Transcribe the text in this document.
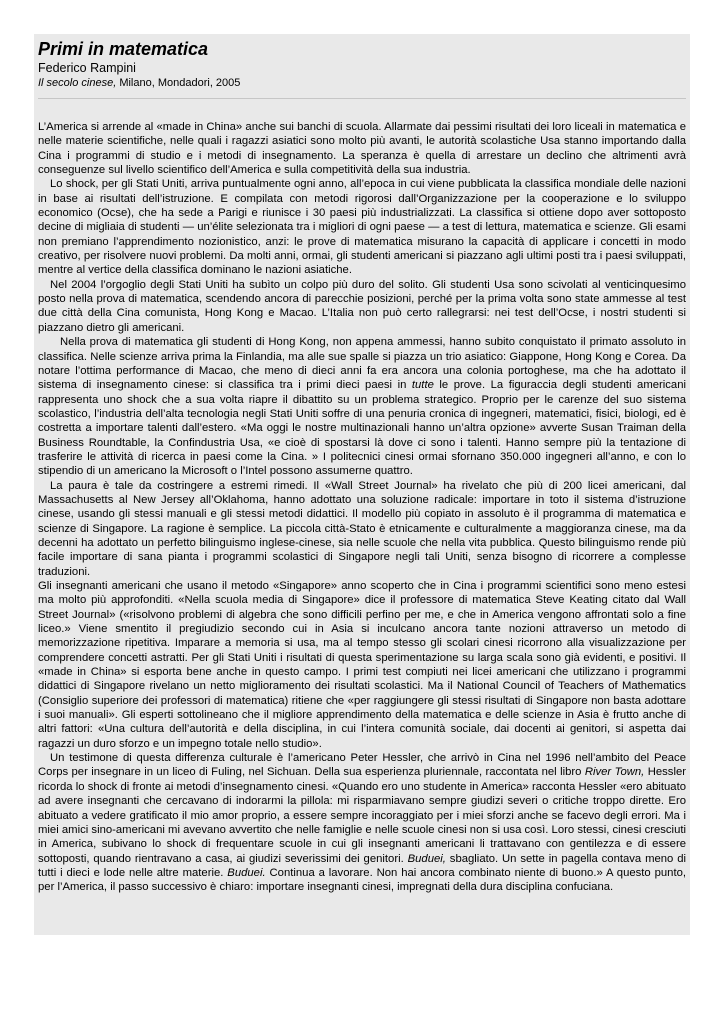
Primi in matematica
Federico Rampini
Il secolo cinese, Milano, Mondadori, 2005

L’America si arrende al «made in China» anche sui banchi di scuola. Allarmate dai pessimi risultati dei loro liceali in matematica e nelle materie scientifiche, nelle quali i ragazzi asiatici sono molto più avanti, le autorità scolastiche Usa stanno importando dalla Cina i programmi di studio e i metodi di insegnamento. La speranza è quella di arrestare un declino che altrimenti avrà conseguenze sul livello scientifico dell’America e sulla competitività della sua industria.

Lo shock, per gli Stati Uniti, arriva puntualmente ogni anno, all’epoca in cui viene pubblicata la classifica mondiale delle nazioni in base ai risultati dell’istruzione. E compilata con metodi rigorosi dall’Organizzazione per la cooperazione e lo sviluppo economico (Ocse), che ha sede a Parigi e riunisce i 30 paesi più industrializzati. La classifica si ottiene dopo aver sottoposto decine di migliaia di studenti — un’élite selezionata tra i migliori di ogni paese — a test di lettura, matematica e scienze. Gli esami non premiano l’apprendimento nozionistico, anzi: le prove di matematica misurano la capacità di applicare i concetti in modo creativo, per risolvere nuovi problemi. Da molti anni, ormai, gli studenti americani si piazzano agli ultimi posti tra i paesi sviluppati, mentre al vertice della classifica dominano le nazioni asiatiche.

Nel 2004 l’orgoglio degli Stati Uniti ha subìto un colpo più duro del solito. Gli studenti Usa sono scivolati al venticinquesimo posto nella prova di matematica, scendendo ancora di parecchie posizioni, perché per la prima volta sono state ammesse al test due città della Cina comunista, Hong Kong e Macao. L’Italia non può certo rallegrarsi: nei test dell’Ocse, i nostri studenti si piazzano dietro gli americani.

Nella prova di matematica gli studenti di Hong Kong, non appena ammessi, hanno subito conquistato il primato assoluto in classifica. Nelle scienze arriva prima la Finlandia, ma alle sue spalle si piazza un trio asiatico: Giappone, Hong Kong e Corea. Da notare l’ottima performance di Macao, che meno di dieci anni fa era ancora una colonia portoghese, ma che ha adottato il sistema di insegnamento cinese: si classifica tra i primi dieci paesi in tutte le prove. La figuraccia degli studenti americani rappresenta uno shock che a sua volta riapre il dibattito su un problema strategico. Proprio per le carenze del suo sistema scolastico, l’industria dell’alta tecnologia negli Stati Uniti soffre di una penuria cronica di ingegneri, matematici, fisici, biologi, ed è costretta a importare talenti dall’estero. «Ma oggi le nostre multinazionali hanno un’altra opzione» avverte Susan Traiman della Business Roundtable, la Confindustria Usa, «e cioè di spostarsi là dove ci sono i talenti. Hanno sempre più la tentazione di trasferire le attività di ricerca in paesi come la Cina. » I politecnici cinesi ormai sfornano 350.000 ingegneri all’anno, e con lo stipendio di un americano la Microsoft o l’Intel possono assumerne quattro.

La paura è tale da costringere a estremi rimedi. Il «Wall Street Journal» ha rivelato che più di 200 licei americani, dal Massachusetts al New Jersey all’Oklahoma, hanno adottato una soluzione radicale: importare in toto il sistema d’istruzione cinese, usando gli stessi manuali e gli stessi metodi didattici. Il modello più copiato in assoluto è il programma di matematica e scienze di Singapore. La ragione è semplice. La piccola città-Stato è etnicamente e culturalmente a maggioranza cinese, ma da decenni ha adottato un perfetto bilinguismo inglese-cinese, sia nelle scuole che nella vita pubblica. Questo bilinguismo rende più facile importare di sana pianta i programmi scolastici di Singapore negli tali Uniti, senza bisogno di ricorrere a complesse traduzioni.

Gli insegnanti americani che usano il metodo «Singapore» anno scoperto che in Cina i programmi scientifici sono meno estesi ma molto più approfonditi. «Nella scuola media di Singapore» dice il professore di matematica Steve Keating citato dal Wall Street Journal» («risolvono problemi di algebra che sono difficili perfino per me, e che in America vengono affrontati solo a fine liceo.» Viene smentito il pregiudizio secondo cui in Asia si inculcano ancora tante nozioni attraverso un metodo di memorizzazione ripetitiva. Imparare a memoria si usa, ma al tempo stesso gli scolari cinesi ricorrono alla visualizzazione per comprendere concetti astratti. Per gli Stati Uniti i risultati di questa sperimentazione su larga scala sono già evidenti, e positivi. Il «made in China» si esporta bene anche in questo campo. I primi test compiuti nei licei americani che utilizzano i programmi didattici di Singapore rivelano un netto miglioramento dei risultati scolastici. Ma il National Council of Teachers of Mathematics (Consiglio superiore dei professori di matematica) ritiene che «per raggiungere gli stessi risultati di Singapore non basta adottare i suoi manuali». Gli esperti sottolineano che il migliore apprendimento della matematica e delle scienze in Asia è frutto anche di altri fattori: «Una cultura dell’autorità e della disciplina, in cui l’intera comunità sociale, dai docenti ai genitori, si aspetta dai ragazzi un duro sforzo e un impegno totale nello studio».

Un testimone di questa differenza culturale è l’americano Peter Hessler, che arrivò in Cina nel 1996 nell’ambito del Peace Corps per insegnare in un liceo di Fuling, nel Sichuan. Della sua esperienza pluriennale, raccontata nel libro River Town, Hessler ricorda lo shock di fronte ai metodi d’insegnamento cinesi. «Quando ero uno studente in America» racconta Hessler «ero abituato ad avere insegnanti che cercavano di indorarmi la pillola: mi risparmiavano sempre giudizi severi o critiche troppo dirette. Ero abituato a vedere gratificato il mio amor proprio, a essere sempre incoraggiato per i miei sforzi anche se facevo degli errori. Ma i miei amici sino-americani mi avevano avvertito che nelle famiglie e nelle scuole cinesi non si usa così. Loro stessi, cinesi cresciuti in America, subivano lo shock di frequentare scuole in cui gli insegnanti americani li trattavano con gentilezza e di essere sottoposti, quando rientravano a casa, ai giudizi severissimi dei genitori. Buduei, sbagliato. Un sette in pagella contava meno di tutti i dieci e lode nelle altre materie. Buduei. Continua a lavorare. Non hai ancora combinato niente di buono.» A questo punto, per l’America, il passo successivo è chiaro: importare insegnanti cinesi, impregnati della dura disciplina confuciana.
